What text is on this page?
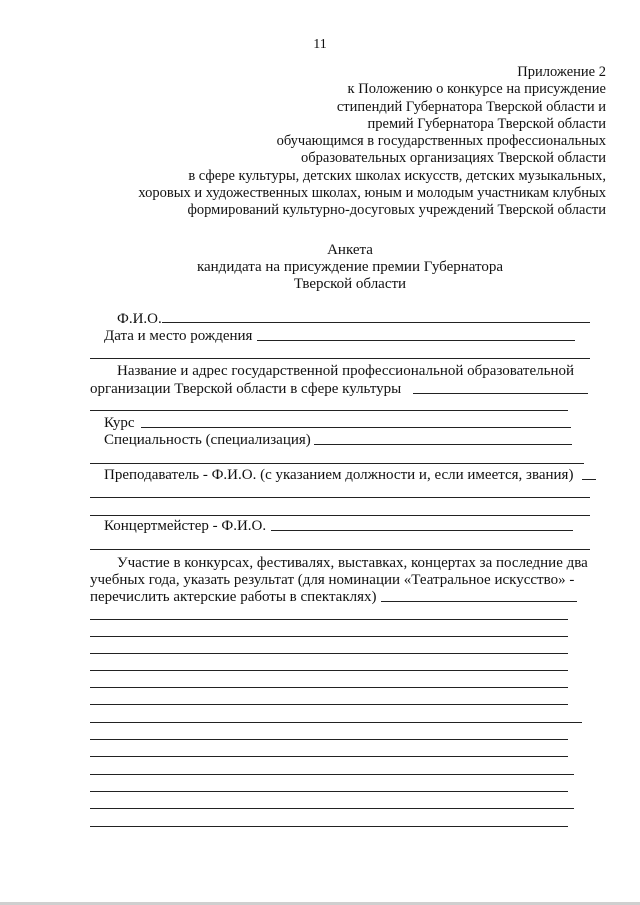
11
Приложение 2
к Положению о конкурсе на присуждение
стипендий Губернатора Тверской области и
премий Губернатора Тверской области
обучающимся в государственных профессиональных
образовательных организациях Тверской области
в сфере культуры, детских школах искусств, детских музыкальных,
хоровых и художественных школах, юным и молодым участникам клубных
формирований культурно-досуговых учреждений Тверской области
Анкета
кандидата на присуждение премии Губернатора
Тверской области
Ф.И.О.
Дата и место рождения
Название и адрес государственной профессиональной образовательной
организации Тверской области в сфере культуры
Курс
Специальность (специализация)
Преподаватель - Ф.И.О. (с указанием должности и, если имеется, звания)
Концертмейстер - Ф.И.О.
Участие в конкурсах, фестивалях, выставках, концертах за последние два
учебных года, указать результат (для номинации «Театральное искусство» -
перечислить актерские работы в спектаклях)
